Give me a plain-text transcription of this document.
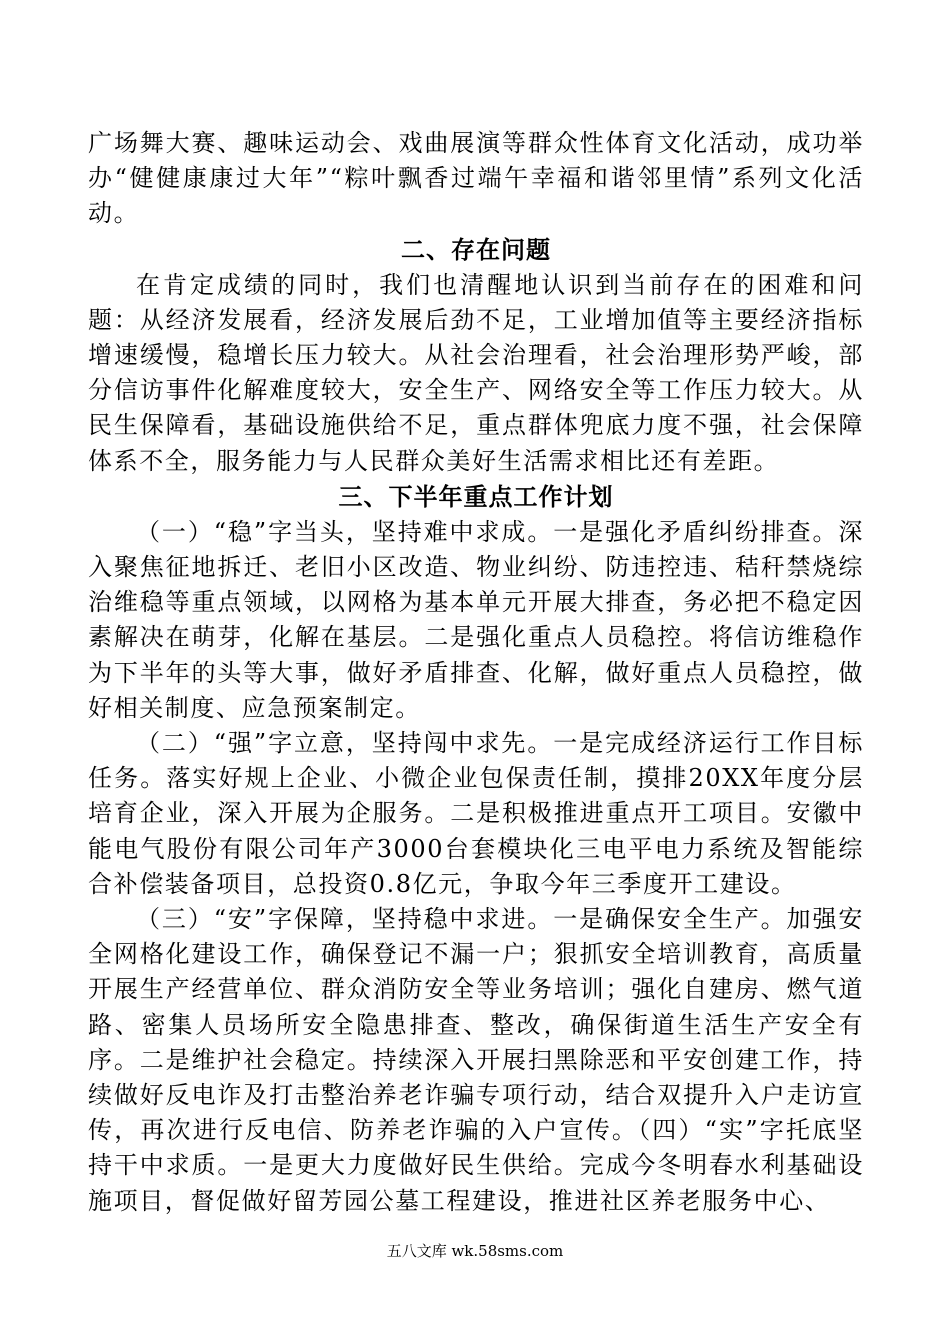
广场舞大赛、趣味运动会、戏曲展演等群众性体育文化活动，成功举办“健健康康过大年”“粽叶飘香过端午幸福和谐邻里情”系列文化活动。

二、存在问题

在肯定成绩的同时，我们也清醒地认识到当前存在的困难和问题：从经济发展看，经济发展后劲不足，工业增加值等主要经济指标增速缓慢，稳增长压力较大。从社会治理看，社会治理形势严峻，部分信访事件化解难度较大，安全生产、网络安全等工作压力较大。从民生保障看，基础设施供给不足，重点群体兜底力度不强，社会保障体系不全，服务能力与人民群众美好生活需求相比还有差距。

三、下半年重点工作计划

（一）“稳”字当头，坚持难中求成。一是强化矛盾纠纷排查。深入聚焦征地拆迁、老旧小区改造、物业纠纷、防违控违、秸秆禁烧综治维稳等重点领域，以网格为基本单元开展大排查，务必把不稳定因素解决在萌芽，化解在基层。二是强化重点人员稳控。将信访维稳作为下半年的头等大事，做好矛盾排查、化解，做好重点人员稳控，做好相关制度、应急预案制定。

（二）“强”字立意，坚持闯中求先。一是完成经济运行工作目标任务。落实好规上企业、小微企业包保责任制，摸排20XX年度分层培育企业，深入开展为企服务。二是积极推进重点开工项目。安徽中能电气股份有限公司年产3000台套模块化三电平电力系统及智能综合补偿装备项目，总投资0.8亿元，争取今年三季度开工建设。

（三）“安”字保障，坚持稳中求进。一是确保安全生产。加强安全网格化建设工作，确保登记不漏一户；狠抓安全培训教育，高质量开展生产经营单位、群众消防安全等业务培训；强化自建房、燃气道路、密集人员场所安全隐患排查、整改，确保街道生活生产安全有序。二是维护社会稳定。持续深入开展扫黑除恶和平安创建工作，持续做好反电诈及打击整治养老诈骗专项行动，结合双提升入户走访宣传，再次进行反电信、防养老诈骗的入户宣传。（四）“实”字托底坚持干中求质。一是更大力度做好民生供给。完成今冬明春水利基础设施项目，督促做好留芳园公墓工程建设，推进社区养老服务中心、

五八文库 wk.58sms.com
